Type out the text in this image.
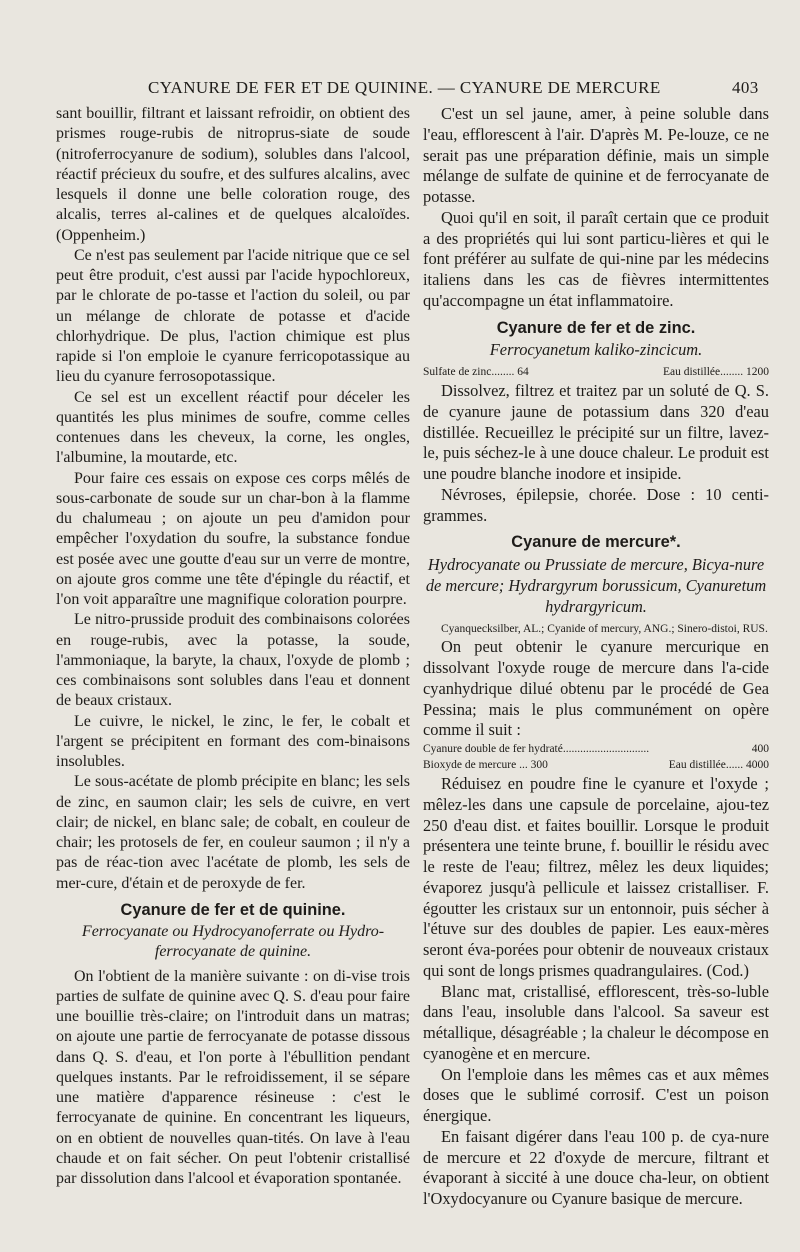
CYANURE DE FER ET DE QUININE. — CYANURE DE MERCURE	403

sant bouillir, filtrant et laissant refroidir, on obtient des prismes rouge-rubis de nitroprus-siate de soude (nitroferrocyanure de sodium), solubles dans l'alcool, réactif précieux du soufre, et des sulfures alcalins, avec lesquels il donne une belle coloration rouge, des alcalis, terres al-calines et de quelques alcaloïdes. (Oppenheim.)

Ce n'est pas seulement par l'acide nitrique que ce sel peut être produit, c'est aussi par l'acide hypochloreux, par le chlorate de po-tasse et l'action du soleil, ou par un mélange de chlorate de potasse et d'acide chlorhydrique. De plus, l'action chimique est plus rapide si l'on emploie le cyanure ferricopotassique au lieu du cyanure ferrosopotassique.

Ce sel est un excellent réactif pour déceler les quantités les plus minimes de soufre, comme celles contenues dans les cheveux, la corne, les ongles, l'albumine, la moutarde, etc.

Pour faire ces essais on expose ces corps mêlés de sous-carbonate de soude sur un char-bon à la flamme du chalumeau ; on ajoute un peu d'amidon pour empêcher l'oxydation du soufre, la substance fondue est posée avec une goutte d'eau sur un verre de montre, on ajoute gros comme une tête d'épingle du réactif, et l'on voit apparaître une magnifique coloration pourpre.

Le nitro-prusside produit des combinaisons colorées en rouge-rubis, avec la potasse, la soude, l'ammoniaque, la baryte, la chaux, l'oxyde de plomb ; ces combinaisons sont solubles dans l'eau et donnent de beaux cristaux.

Le cuivre, le nickel, le zinc, le fer, le cobalt et l'argent se précipitent en formant des com-binaisons insolubles.

Le sous-acétate de plomb précipite en blanc; les sels de zinc, en saumon clair; les sels de cuivre, en vert clair; de nickel, en blanc sale; de cobalt, en couleur de chair; les protosels de fer, en couleur saumon ; il n'y a pas de réac-tion avec l'acétate de plomb, les sels de mer-cure, d'étain et de peroxyde de fer.

Cyanure de fer et de quinine.
Ferrocyanate ou Hydrocyanoferrate ou Hydro-ferrocyanate de quinine.

On l'obtient de la manière suivante : on di-vise trois parties de sulfate de quinine avec Q. S. d'eau pour faire une bouillie très-claire; on l'introduit dans un matras; on ajoute une partie de ferrocyanate de potasse dissous dans Q. S. d'eau, et l'on porte à l'ébullition pendant quelques instants. Par le refroidissement, il se sépare une matière d'apparence résineuse : c'est le ferrocyanate de quinine. En concentrant les liqueurs, on en obtient de nouvelles quan-tités. On lave à l'eau chaude et on fait sécher. On peut l'obtenir cristallisé par dissolution dans l'alcool et évaporation spontanée.

C'est un sel jaune, amer, à peine soluble dans l'eau, efflorescent à l'air. D'après M. Pe-louze, ce ne serait pas une préparation définie, mais un simple mélange de sulfate de quinine et de ferrocyanate de potasse.

Quoi qu'il en soit, il paraît certain que ce produit a des propriétés qui lui sont particu-lières et qui le font préférer au sulfate de qui-nine par les médecins italiens dans les cas de fièvres intermittentes qu'accompagne un état inflammatoire.

Cyanure de fer et de zinc.
Ferrocyanetum kaliko-zincicum.
Sulfate de zinc........ 64	Eau distillée........ 1200

Dissolvez, filtrez et traitez par un soluté de Q. S. de cyanure jaune de potassium dans 320 d'eau distillée. Recueillez le précipité sur un filtre, lavez-le, puis séchez-le à une douce chaleur. Le produit est une poudre blanche inodore et insipide.

Névroses, épilepsie, chorée. Dose : 10 centi-grammes.

Cyanure de mercure*.
Hydrocyanate ou Prussiate de mercure, Bicya-nure de mercure; Hydrargyrum borussicum, Cyanuretum hydrargyricum.

Cyanquecksilber, AL.; Cyanide of mercury, ANG.; Sinero-distoi, RUS.

On peut obtenir le cyanure mercurique en dissolvant l'oxyde rouge de mercure dans l'a-cide cyanhydrique dilué obtenu par le procédé de Gea Pessina; mais le plus communément on opère comme il suit :

Cyanure double de fer hydraté..............................	400
Bioxyde de mercure ... 300	Eau distillée...... 4000

Réduisez en poudre fine le cyanure et l'oxyde ; mêlez-les dans une capsule de porcelaine, ajou-tez 250 d'eau dist. et faites bouillir. Lorsque le produit présentera une teinte brune, f. bouillir le résidu avec le reste de l'eau; filtrez, mêlez les deux liquides; évaporez jusqu'à pellicule et laissez cristalliser. F. égoutter les cristaux sur un entonnoir, puis sécher à l'étuve sur des doubles de papier. Les eaux-mères seront éva-porées pour obtenir de nouveaux cristaux qui sont de longs prismes quadrangulaires. (Cod.)

Blanc mat, cristallisé, efflorescent, très-so-luble dans l'eau, insoluble dans l'alcool. Sa saveur est métallique, désagréable ; la chaleur le décompose en cyanogène et en mercure.

On l'emploie dans les mêmes cas et aux mêmes doses que le sublimé corrosif. C'est un poison énergique.

En faisant digérer dans l'eau 100 p. de cya-nure de mercure et 22 d'oxyde de mercure, filtrant et évaporant à siccité à une douce cha-leur, on obtient l'Oxydocyanure ou Cyanure basique de mercure.
